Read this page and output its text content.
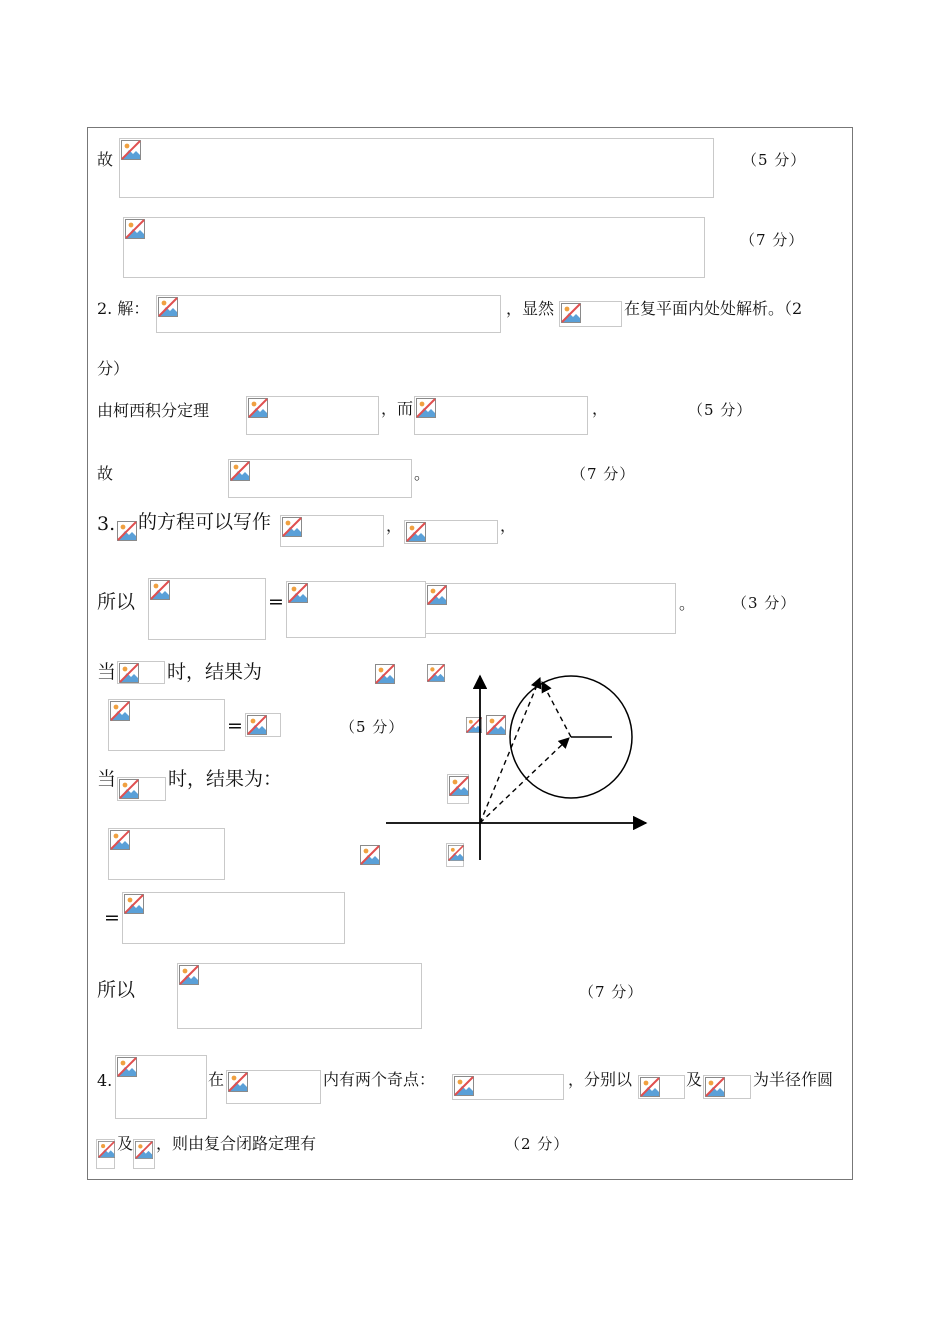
故	（5 分）
（7 分）
2. 解：	，显然	在复平面内处处解析。（2
分）
由柯西积分定理	，而	，	（5 分）
故	。	（7 分）
3. 的方程可以写作	，	，
所以	=	。 （3 分）
当	时，结果为
=	（5 分）
当	时，结果为：
=
所以	（7 分）
4.	在	内有两个奇点：	，分别以	及	为半径作圆
及 ，则由复合闭路定理有	（2 分）
